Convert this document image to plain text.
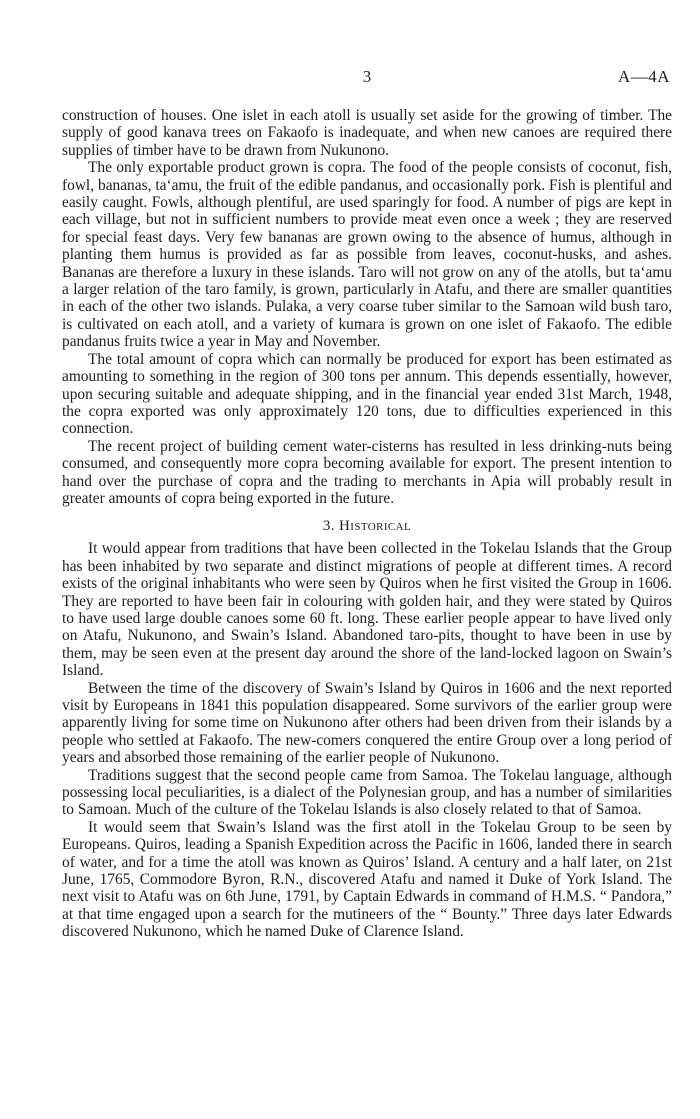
3	A—4A

construction of houses. One islet in each atoll is usually set aside for the growing of timber. The supply of good kanava trees on Fakaofo is inadequate, and when new canoes are required there supplies of timber have to be drawn from Nukunono.

The only exportable product grown is copra. The food of the people consists of coconut, fish, fowl, bananas, ta‘amu, the fruit of the edible pandanus, and occasionally pork. Fish is plentiful and easily caught. Fowls, although plentiful, are used sparingly for food. A number of pigs are kept in each village, but not in sufficient numbers to provide meat even once a week ; they are reserved for special feast days. Very few bananas are grown owing to the absence of humus, although in planting them humus is provided as far as possible from leaves, coconut-husks, and ashes. Bananas are therefore a luxury in these islands. Taro will not grow on any of the atolls, but ta‘amu a larger relation of the taro family, is grown, particularly in Atafu, and there are smaller quantities in each of the other two islands. Pulaka, a very coarse tuber similar to the Samoan wild bush taro, is cultivated on each atoll, and a variety of kumara is grown on one islet of Fakaofo. The edible pandanus fruits twice a year in May and November.

The total amount of copra which can normally be produced for export has been estimated as amounting to something in the region of 300 tons per annum. This depends essentially, however, upon securing suitable and adequate shipping, and in the financial year ended 31st March, 1948, the copra exported was only approximately 120 tons, due to difficulties experienced in this connection.

The recent project of building cement water-cisterns has resulted in less drinking-nuts being consumed, and consequently more copra becoming available for export. The present intention to hand over the purchase of copra and the trading to merchants in Apia will probably result in greater amounts of copra being exported in the future.

3. Historical

It would appear from traditions that have been collected in the Tokelau Islands that the Group has been inhabited by two separate and distinct migrations of people at different times. A record exists of the original inhabitants who were seen by Quiros when he first visited the Group in 1606. They are reported to have been fair in colouring with golden hair, and they were stated by Quiros to have used large double canoes some 60 ft. long. These earlier people appear to have lived only on Atafu, Nukunono, and Swain’s Island. Abandoned taro-pits, thought to have been in use by them, may be seen even at the present day around the shore of the land-locked lagoon on Swain’s Island.

Between the time of the discovery of Swain’s Island by Quiros in 1606 and the next reported visit by Europeans in 1841 this population disappeared. Some survivors of the earlier group were apparently living for some time on Nukunono after others had been driven from their islands by a people who settled at Fakaofo. The new-comers conquered the entire Group over a long period of years and absorbed those remaining of the earlier people of Nukunono.

Traditions suggest that the second people came from Samoa. The Tokelau language, although possessing local peculiarities, is a dialect of the Polynesian group, and has a number of similarities to Samoan. Much of the culture of the Tokelau Islands is also closely related to that of Samoa.

It would seem that Swain’s Island was the first atoll in the Tokelau Group to be seen by Europeans. Quiros, leading a Spanish Expedition across the Pacific in 1606, landed there in search of water, and for a time the atoll was known as Quiros’ Island. A century and a half later, on 21st June, 1765, Commodore Byron, R.N., discovered Atafu and named it Duke of York Island. The next visit to Atafu was on 6th June, 1791, by Captain Edwards in command of H.M.S. “ Pandora,” at that time engaged upon a search for the mutineers of the “ Bounty.” Three days later Edwards discovered Nukunono, which he named Duke of Clarence Island.
